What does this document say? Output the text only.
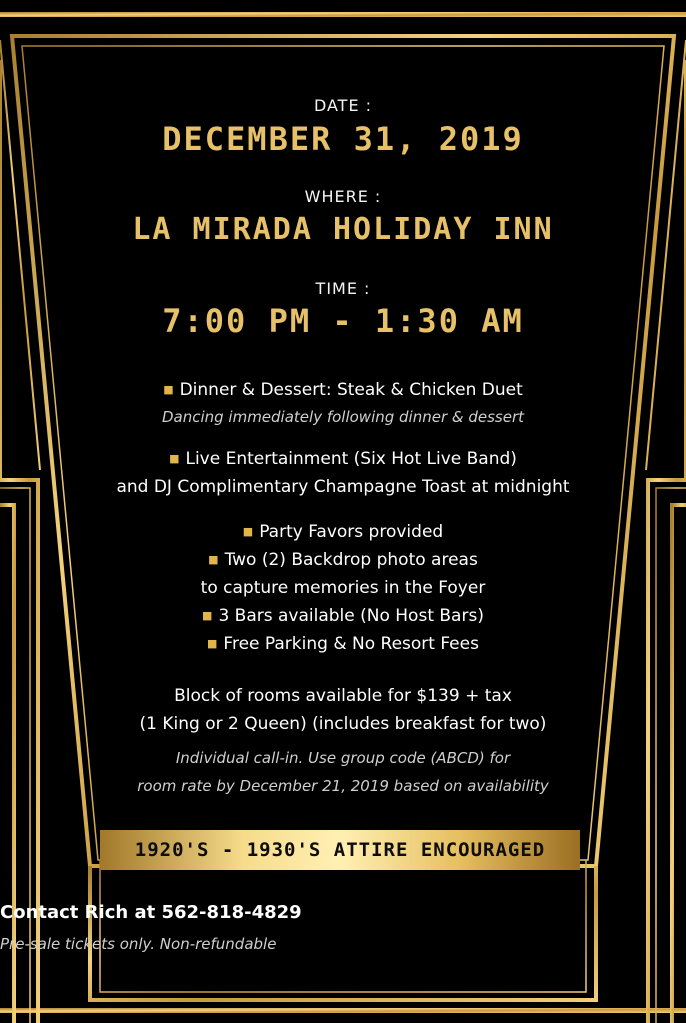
DATE :
DECEMBER 31, 2019
WHERE :
LA MIRADA HOLIDAY INN
TIME :
7:00 PM - 1:30 AM
■ Dinner & Dessert: Steak & Chicken Duet
Dancing immediately following dinner & dessert
■ Live Entertainment (Six Hot Live Band)
and DJ Complimentary Champagne Toast at midnight
■ Party Favors provided
■ Two (2) Backdrop photo areas
to capture memories in the Foyer
■ 3 Bars available (No Host Bars)
■ Free Parking & No Resort Fees
Block of rooms available for $139 + tax
(1 King or 2 Queen) (includes breakfast for two)
Individual call-in. Use group code (ABCD) for
room rate by December 21, 2019 based on availability
1920'S - 1930'S ATTIRE ENCOURAGED
Contact Rich at 562-818-4829
Pre-sale tickets only. Non-refundable
